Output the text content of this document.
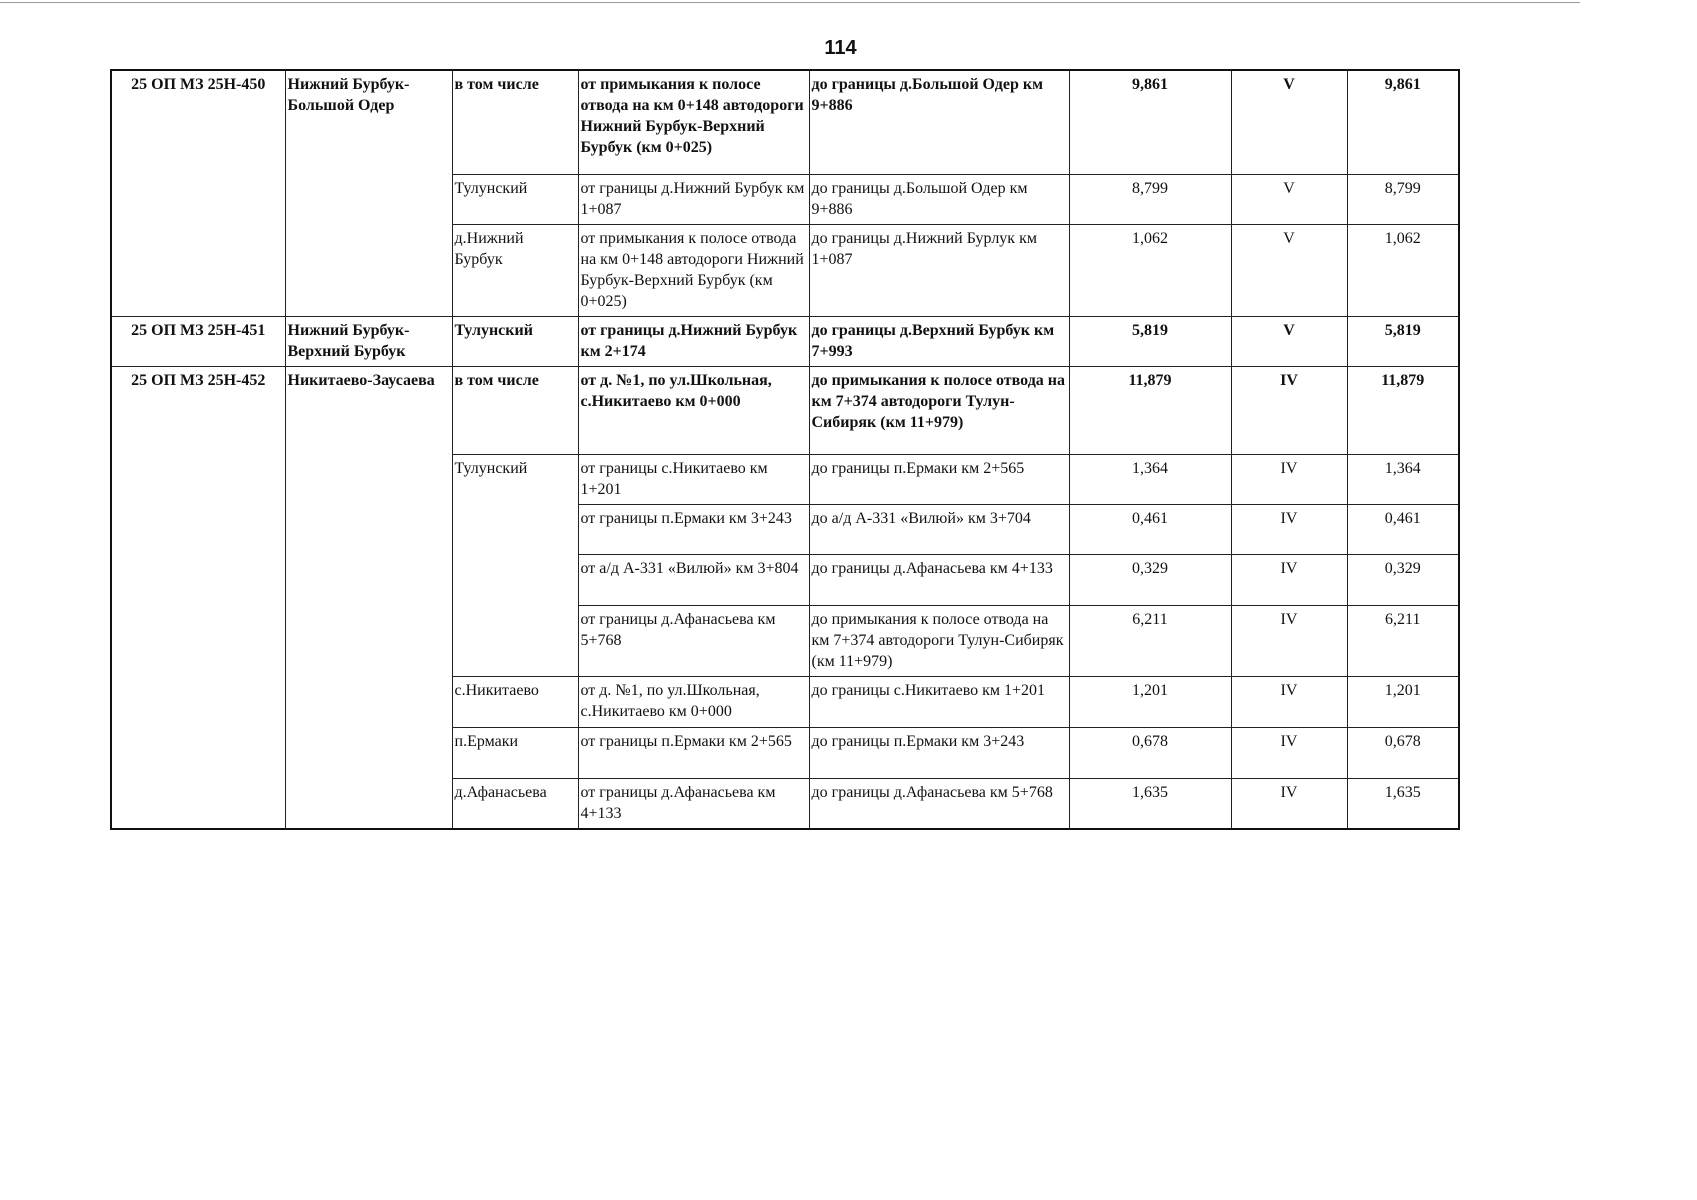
114
25 ОП МЗ 25Н-450	Нижний Бурбук-Большой Одер	в том числе	от примыкания к полосе отвода на км 0+148 автодороги Нижний Бурбук-Верхний Бурбук (км 0+025)	до границы д.Большой Одер км 9+886	9,861	V	9,861
		Тулунский	от границы д.Нижний Бурбук км 1+087	до границы д.Большой Одер км 9+886	8,799	V	8,799
		д.Нижний Бурбук	от примыкания к полосе отвода на км 0+148 автодороги Нижний Бурбук-Верхний Бурбук (км 0+025)	до границы д.Нижний Бурлук км 1+087	1,062	V	1,062
25 ОП МЗ 25Н-451	Нижний Бурбук-Верхний Бурбук	Тулунский	от границы д.Нижний Бурбук км 2+174	до границы д.Верхний Бурбук км 7+993	5,819	V	5,819
25 ОП МЗ 25Н-452	Никитаево-Заусаева	в том числе	от д. №1, по ул.Школьная, с.Никитаево км 0+000	до примыкания к полосе отвода на км 7+374 автодороги Тулун-Сибиряк (км 11+979)	11,879	IV	11,879
		Тулунский	от границы с.Никитаево км 1+201	до границы п.Ермаки км 2+565	1,364	IV	1,364
			от границы п.Ермаки км 3+243	до а/д А-331 «Вилюй» км 3+704	0,461	IV	0,461
			от а/д А-331 «Вилюй» км 3+804	до границы д.Афанасьева км 4+133	0,329	IV	0,329
			от границы д.Афанасьева км 5+768	до примыкания к полосе отвода на км 7+374 автодороги Тулун-Сибиряк (км 11+979)	6,211	IV	6,211
		с.Никитаево	от д. №1, по ул.Школьная, с.Никитаево км 0+000	до границы с.Никитаево км 1+201	1,201	IV	1,201
		п.Ермаки	от границы п.Ермаки км 2+565	до границы п.Ермаки км 3+243	0,678	IV	0,678
		д.Афанасьева	от границы д.Афанасьева км 4+133	до границы д.Афанасьева км 5+768	1,635	IV	1,635
